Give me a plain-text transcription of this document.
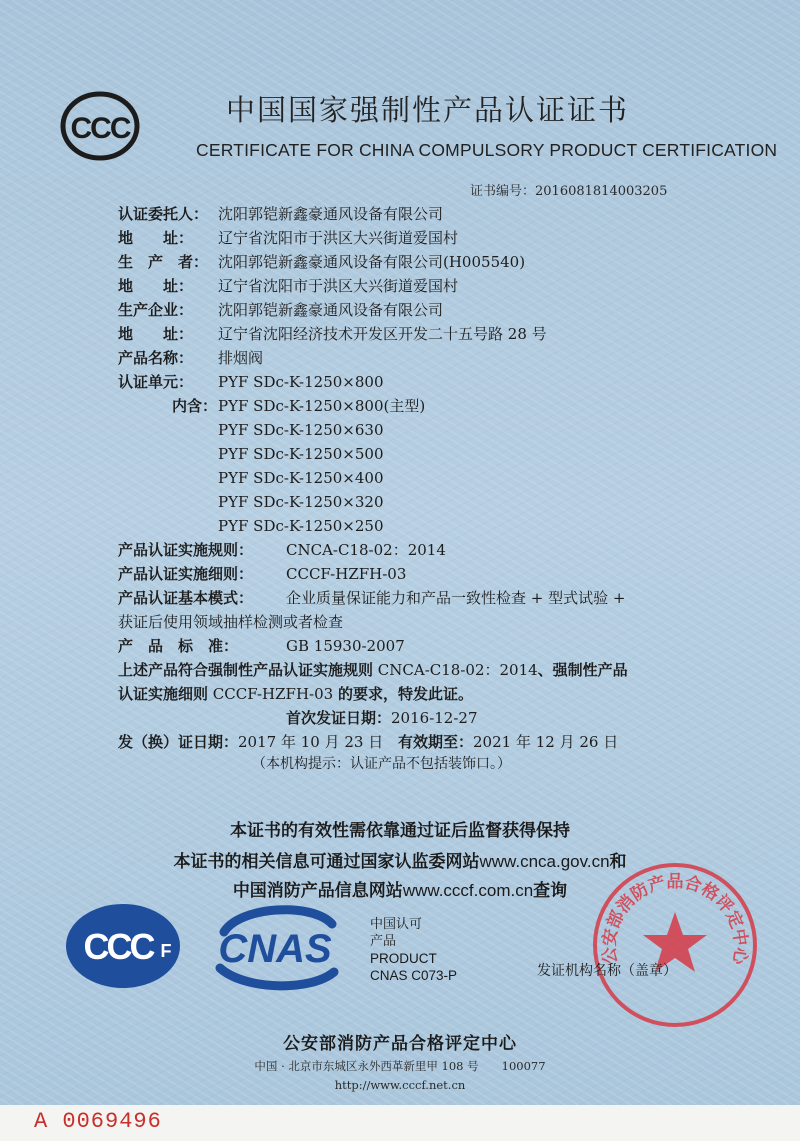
CCC
中国国家强制性产品认证证书
CERTIFICATE FOR CHINA COMPULSORY PRODUCT CERTIFICATION
证书编号：2016081814003205
认证委托人： 沈阳郭铠新鑫豪通风设备有限公司
地　　址： 辽宁省沈阳市于洪区大兴街道爱国村
生　产　者： 沈阳郭铠新鑫豪通风设备有限公司(H005540)
地　　址： 辽宁省沈阳市于洪区大兴街道爱国村
生产企业： 沈阳郭铠新鑫豪通风设备有限公司
地　　址： 辽宁省沈阳经济技术开发区开发二十五号路 28 号
产品名称： 排烟阀
认证单元： PYF SDc-K-1250×800
内含：PYF SDc-K-1250×800(主型)
PYF SDc-K-1250×630
PYF SDc-K-1250×500
PYF SDc-K-1250×400
PYF SDc-K-1250×320
PYF SDc-K-1250×250
产品认证实施规则： CNCA-C18-02：2014
产品认证实施细则： CCCF-HZFH-03
产品认证基本模式： 企业质量保证能力和产品一致性检查 + 型式试验 +
获证后使用领域抽样检测或者检查
产　品　标　准：	GB 15930-2007
上述产品符合强制性产品认证实施规则 CNCA-C18-02：2014、强制性产品
认证实施细则 CCCF-HZFH-03 的要求，特发此证。
首次发证日期：2016-12-27
发（换）证日期：2017 年 10 月 23 日 有效期至：2021 年 12 月 26 日
（本机构提示：认证产品不包括装饰口。）
本证书的有效性需依靠通过证后监督获得保持
本证书的相关信息可通过国家认监委网站www.cnca.gov.cn和
中国消防产品信息网站www.cccf.com.cn查询
CCC F CNAS
中国认可
产品
PRODUCT
CNAS C073-P
公安部消防产品合格评定中心
发证机构名称（盖章）
公安部消防产品合格评定中心
中国 · 北京市东城区永外西革新里甲 108 号　　100077
http://www.cccf.net.cn
A 0069496
